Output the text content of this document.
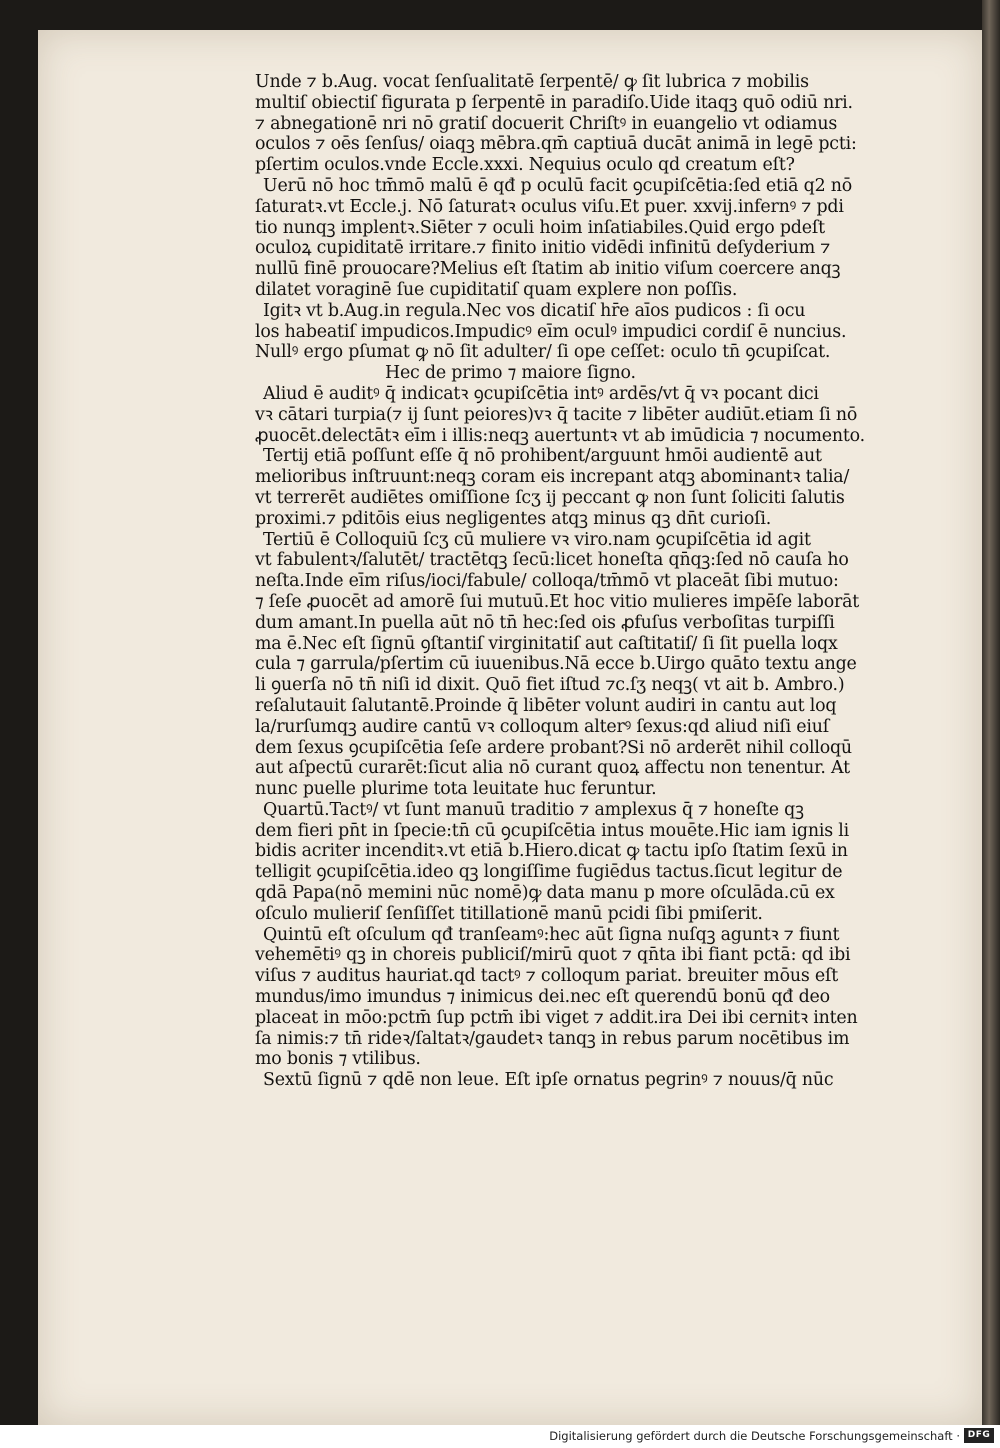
Unde ⁊ b.Aug. vocat ſenſualitatē ſerpentē/ ꝙ ſit lubrica ⁊ mobilis
multiſ obiectiſ figurata p ſerpentē in paradiſo.Uide itaqꝫ quō odiū nri.
⁊ abnegationē nri nō gratiſ docuerit Chriſtꝰ in euangelio vt odiamus
oculos ⁊ oēs ſenſus/ oiaqꝫ mēbra.qm̄ captiuā ducāt animā in legē pcti:
pſertim oculos.vnde Eccle.xxxi. Nequius oculo qd creatum eſt?
Uerū nō hoc tm̄mō malū ē qđ p oculū facit ꝯcupiſcētia:ſed etiā q2 nō
ſaturatꝛ.vt Eccle.j. Nō ſaturatꝛ oculus viſu.Et puer. xxvij.infernꝰ ⁊ pdi
tio nunqꝫ implentꝛ.Siēter ⁊ oculi hoim inſatiabiles.Quid ergo pdeſt
oculoꝝ cupiditatē irritare.⁊ finito initio vidēdi infinitū deſyderium ⁊
nullū finē prouocare?Melius eſt ſtatim ab initio viſum coercere anqꝫ
dilatet voraginē ſue cupiditatiſ quam explere non poſſis.
Igitꝛ vt b.Aug.in regula.Nec vos dicatiſ hr̄e aīos pudicos : ſi ocu
los habeatiſ impudicos.Impudicꝰ eīm oculꝰ impudici cordiſ ē nuncius.
Nullꝰ ergo pſumat ꝙ nō ſit adulter/ ſi ope ceſſet: oculo tn̄ ꝯcupiſcat.
Hec de primo ⁊ maiore ſigno.
Aliud ē auditꝰ q̄ indicatꝛ ꝯcupiſcētia intꝰ ardēs/vt q̄ vꝛ pocant dici
vꝛ cātari turpia(⁊ ij ſunt peiores)vꝛ q̄ tacite ⁊ libēter audiūt.etiam ſi nō
ꝓuocēt.delectātꝛ eīm i illis:neqꝫ auertuntꝛ vt ab imūdicia ⁊ nocumento.
Tertij etiā poſſunt eſſe q̄ nō prohibent/arguunt hmōi audientē aut
melioribus inſtruunt:neqꝫ coram eis increpant atqꝫ abominantꝛ talia/
vt terrerēt audiētes omiſſione ſcʒ ij peccant ꝙ non ſunt ſoliciti ſalutis
proximi.⁊ pditōis eius negligentes atqꝫ minus qꝫ dn̄t curioſi.
Tertiū ē Colloquiū ſcʒ cū muliere vꝛ viro.nam ꝯcupiſcētia id agit
vt fabulentꝛ/ſalutēt/ tractētqꝫ ſecū:licet honeſta qn̄qꝫ:ſed nō cauſa ho
neſta.Inde eīm riſus/ioci/fabule/ colloqa/tm̄mō vt placeāt ſibi mutuo:
⁊ ſeſe ꝓuocēt ad amorē ſui mutuū.Et hoc vitio mulieres impēſe laborāt
dum amant.In puella aūt nō tn̄ hec:ſed ois ꝓfuſus verboſitas turpiſſi
ma ē.Nec eſt ſignū ꝯſtantiſ virginitatiſ aut caſtitatiſ/ ſi ſit puella loqx
cula ⁊ garrula/pſertim cū iuuenibus.Nā ecce b.Uirgo quāto textu ange
li ꝯuerſa nō tn̄ niſi id dixit. Quō fiet iſtud ⁊c.ſʒ neqꝫ( vt ait b. Ambro.)
reſalutauit ſalutantē.Proinde q̄ libēter volunt audiri in cantu aut loq
la/rurſumqꝫ audire cantū vꝛ colloqum alterꝰ ſexus:qd aliud niſi eiuſ
dem ſexus ꝯcupiſcētia ſeſe ardere probant?Si nō arderēt nihil colloqū
aut aſpectū curarēt:ſicut alia nō curant quoꝝ affectu non tenentur. At
nunc puelle plurime tota leuitate huc feruntur.
Quartū.Tactꝰ/ vt ſunt manuū traditio ⁊ amplexus q̄ ⁊ honeſte qꝫ
dem fieri pn̄t in ſpecie:tn̄ cū ꝯcupiſcētia intus mouēte.Hic iam ignis li
bidis acriter incenditꝛ.vt etiā b.Hiero.dicat ꝙ tactu ipſo ſtatim ſexū in
telligit ꝯcupiſcētia.ideo qꝫ longiſſime fugiēdus tactus.ſicut legitur de
qdā Papa(nō memini nūc nomē)ꝙ data manu p more oſculāda.cū ex
oſculo mulieriſ ſenſiſſet titillationē manū pcidi ſibi pmiſerit.
Quintū eſt oſculum qđ tranſeamꝰ:hec aūt ſigna nuſqꝫ aguntꝛ ⁊ fiunt
vehemētiꝰ qꝫ in choreis publiciſ/mirū quot ⁊ qn̄ta ibi fiant pctā: qd ibi
viſus ⁊ auditus hauriat.qd tactꝰ ⁊ colloqum pariat. breuiter mōus eſt
mundus/imo imundus ⁊ inimicus dei.nec eſt querendū bonū qđ deo
placeat in mōo:pctm̄ ſup pctm̄ ibi viget ⁊ addit.ira Dei ibi cernitꝛ inten
ſa nimis:⁊ tn̄ rideꝛ/ſaltatꝛ/gaudetꝛ tanqꝫ in rebus parum nocētibus im
mo bonis ⁊ vtilibus.
Sextū ſignū ⁊ qdē non leue. Eſt ipſe ornatus pegrinꝰ ⁊ nouus/q̄ nūc
Digitalisierung gefördert durch die Deutsche Forschungsgemeinschaft · DFG
